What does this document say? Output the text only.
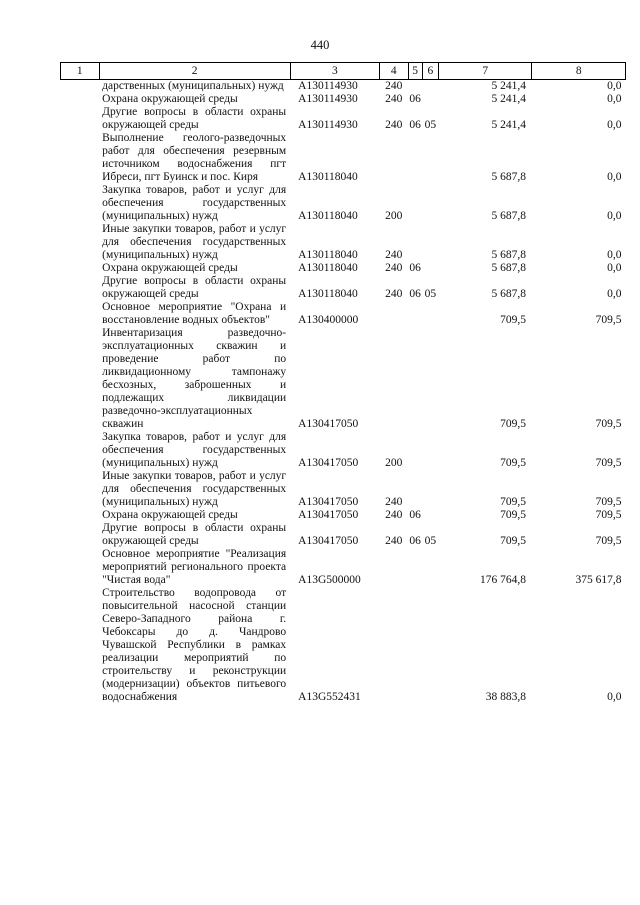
440
1	2	3	4	5	6	7	8
	дарственных (муниципальных) нужд	А130114930	240			5 241,4	0,0
	Охрана окружающей среды	А130114930	240	06		5 241,4	0,0
	Другие вопросы в области охраны окружающей среды	А130114930	240	06	05	5 241,4	0,0
	Выполнение геолого-разведочных работ для обеспечения резервным источником водоснабжения пгт Ибреси, пгт Буинск и пос. Киря	А130118040				5 687,8	0,0
	Закупка товаров, работ и услуг для обеспечения государственных (муниципальных) нужд	А130118040	200			5 687,8	0,0
	Иные закупки товаров, работ и услуг для обеспечения государственных (муниципальных) нужд	А130118040	240			5 687,8	0,0
	Охрана окружающей среды	А130118040	240	06		5 687,8	0,0
	Другие вопросы в области охраны окружающей среды	А130118040	240	06	05	5 687,8	0,0
	Основное мероприятие "Охрана и восстановление водных объектов"	А130400000				709,5	709,5
	Инвентаризация разведочно-эксплуатационных скважин и проведение работ по ликвидационному тампонажу бесхозных, заброшенных и подлежащих ликвидации разведочно-эксплуатационных скважин	А130417050				709,5	709,5
	Закупка товаров, работ и услуг для обеспечения государственных (муниципальных) нужд	А130417050	200			709,5	709,5
	Иные закупки товаров, работ и услуг для обеспечения государственных (муниципальных) нужд	А130417050	240			709,5	709,5
	Охрана окружающей среды	А130417050	240	06		709,5	709,5
	Другие вопросы в области охраны окружающей среды	А130417050	240	06	05	709,5	709,5
	Основное мероприятие "Реализация мероприятий регионального проекта "Чистая вода"	А13G500000				176 764,8	375 617,8
	Строительство водопровода от повысительной насосной станции Северо-Западного района г. Чебоксары до д. Чандрово Чувашской Республики в рамках реализации мероприятий по строительству и реконструкции (модернизации) объектов питьевого водоснабжения	А13G552431				38 883,8	0,0
